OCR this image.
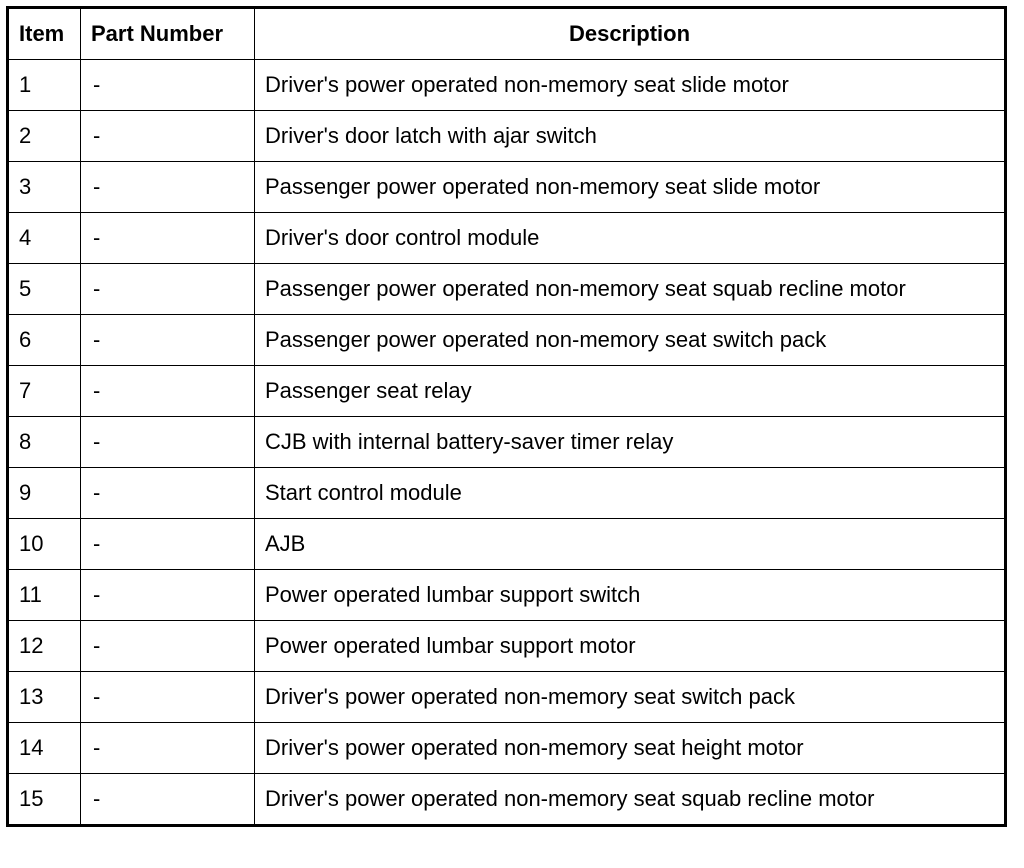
Item	Part Number	Description
1	-	Driver's power operated non-memory seat slide motor
2	-	Driver's door latch with ajar switch
3	-	Passenger power operated non-memory seat slide motor
4	-	Driver's door control module
5	-	Passenger power operated non-memory seat squab recline motor
6	-	Passenger power operated non-memory seat switch pack
7	-	Passenger seat relay
8	-	CJB with internal battery-saver timer relay
9	-	Start control module
10	-	AJB
11	-	Power operated lumbar support switch
12	-	Power operated lumbar support motor
13	-	Driver's power operated non-memory seat switch pack
14	-	Driver's power operated non-memory seat height motor
15	-	Driver's power operated non-memory seat squab recline motor
